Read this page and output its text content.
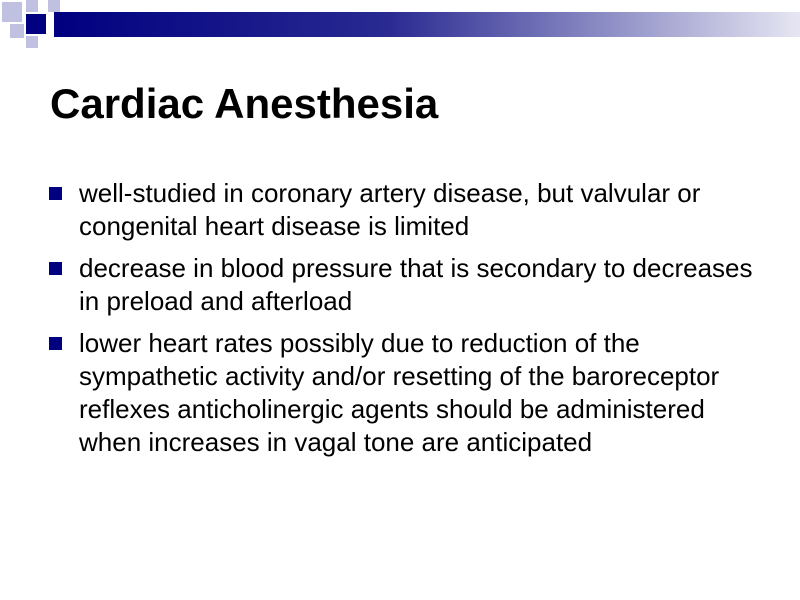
Cardiac Anesthesia
well-studied in coronary artery disease, but valvular or congenital heart disease is limited
decrease in blood pressure that is secondary to decreases in preload and afterload
lower heart rates possibly due to reduction of the sympathetic activity and/or resetting of the baroreceptor reflexes anticholinergic agents should be administered when increases in vagal tone are anticipated
